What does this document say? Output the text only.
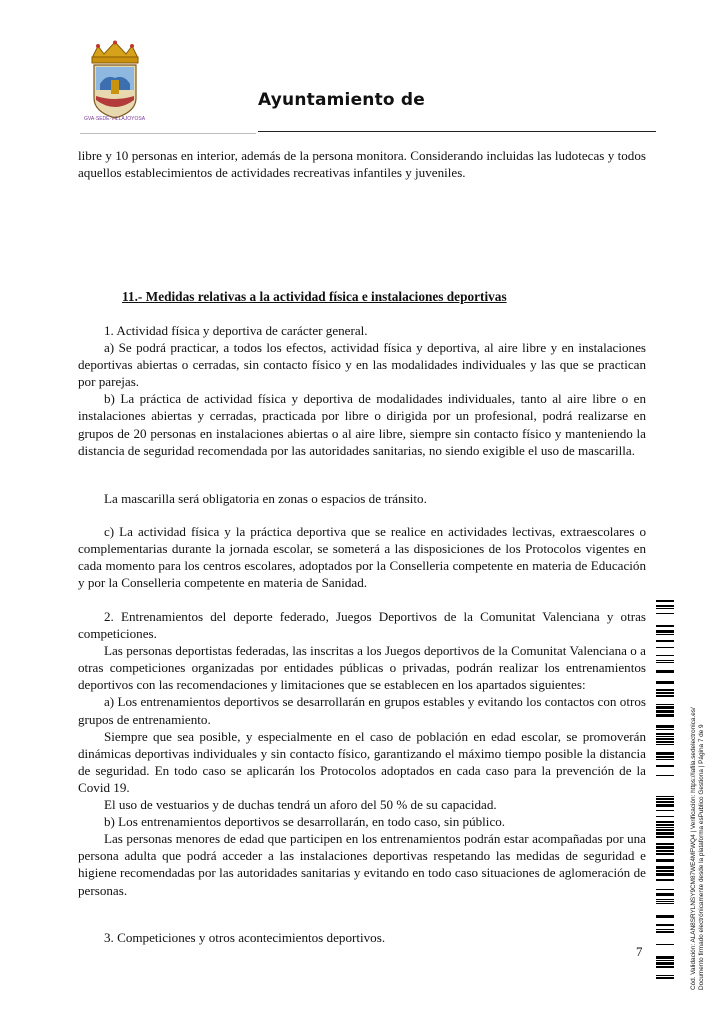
GVA·SEDE·VILLAJOYOSA
Ayuntamiento de

libre y 10 personas en interior, además de la persona monitora. Considerando incluidas las ludotecas y todos aquellos establecimientos de actividades recreativas infantiles y juveniles.

11.- Medidas relativas a la actividad física e instalaciones deportivas

1. Actividad física y deportiva de carácter general.

a) Se podrá practicar, a todos los efectos, actividad física y deportiva, al aire libre y en instalaciones deportivas abiertas o cerradas, sin contacto físico y en las modalidades individuales y las que se practican por parejas.

b) La práctica de actividad física y deportiva de modalidades individuales, tanto al aire libre o en instalaciones abiertas y cerradas, practicada por libre o dirigida por un profesional, podrá realizarse en grupos de 20 personas en instalaciones abiertas o al aire libre, siempre sin contacto físico y manteniendo la distancia de seguridad recomendada por las autoridades sanitarias, no siendo exigible el uso de mascarilla.

La mascarilla será obligatoria en zonas o espacios de tránsito.

c) La actividad física y la práctica deportiva que se realice en actividades lectivas, extraescolares o complementarias durante la jornada escolar, se someterá a las disposiciones de los Protocolos vigentes en cada momento para los centros escolares, adoptados por la Conselleria competente en materia de Educación y por la Conselleria competente en materia de Sanidad.

2. Entrenamientos del deporte federado, Juegos Deportivos de la Comunitat Valenciana y otras competiciones.

Las personas deportistas federadas, las inscritas a los Juegos deportivos de la Comunitat Valenciana o a otras competiciones organizadas por entidades públicas o privadas, podrán realizar los entrenamientos deportivos con las recomendaciones y limitaciones que se establecen en los apartados siguientes:

a) Los entrenamientos deportivos se desarrollarán en grupos estables y evitando los contactos con otros grupos de entrenamiento.

Siempre que sea posible, y especialmente en el caso de población en edad escolar, se promoverán dinámicas deportivas individuales y sin contacto físico, garantizando el máximo tiempo posible la distancia de seguridad. En todo caso se aplicarán los Protocolos adoptados en cada caso para la prevención de la Covid 19.

El uso de vestuarios y de duchas tendrá un aforo del 50 % de su capacidad.

b) Los entrenamientos deportivos se desarrollarán, en todo caso, sin público.

Las personas menores de edad que participen en los entrenamientos podrán estar acompañadas por una persona adulta que podrá acceder a las instalaciones deportivas respetando las medidas de seguridad e higiene recomendadas por las autoridades sanitarias y evitando en todo caso situaciones de aglomeración de personas.

3. Competiciones y otros acontecimientos deportivos.

7	Cód. Validación: ALAN8SRYLNSY9CM87WE4MFWQ4 | Verificación: https://lafila.sedelectronica.es/ Documento firmado electrónicamente desde la plataforma esPublico Gestiona | Página 7 de 9
